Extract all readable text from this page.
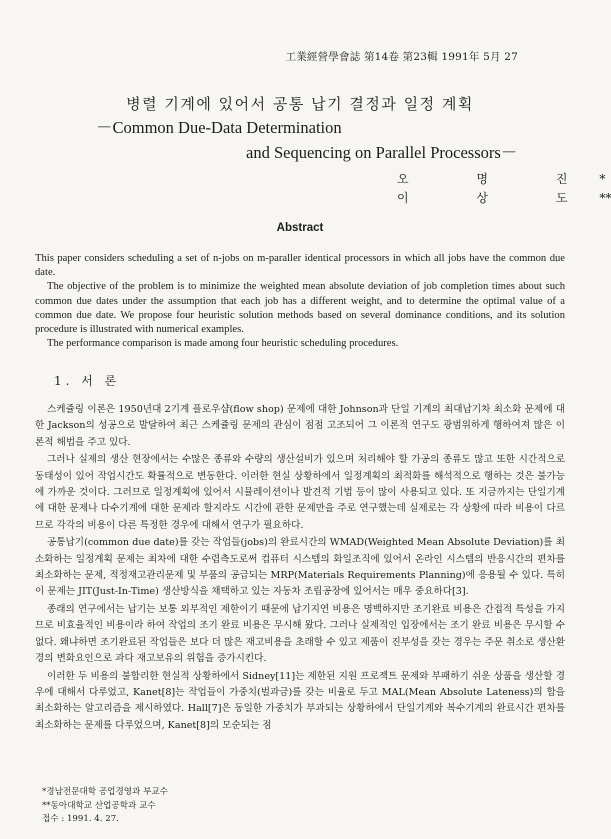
工業經營學會誌 第14卷 第23輯 1991年 5月 27
병렬 기계에 있어서 공통 납기 결정과 일정 계획
－Common Due-Data Determination
and Sequencing on Parallel Processors－
오 명 진*
이 상 도**
Abstract

This paper considers scheduling a set of n-jobs on m-paraller identical processors in which all jobs have the common due date.

The objective of the problem is to minimize the weighted mean absolute deviation of job completion times about such common due dates under the assumption that each job has a different weight, and to determine the optimal value of a common due date. We propose four heuristic solution methods based on several dominance conditions, and its solution procedure is illustrated with numerical examples.

The performance comparison is made among four heuristic scheduling procedures.

1. 서 론

스케쥴링 이론은 1950년대 2기계 플로우샵(flow shop) 문제에 대한 Johnson과 단일 기계의 최대납기차 최소화 문제에 대한 Jackson의 성공으로 발달하여 최근 스케쥴링 문제의 관심이 점점 고조되어 그 이론적 연구도 광범위하게 행하여져 많은 이론적 해법을 주고 있다.

그러나 실제의 생산 현장에서는 수많은 종류와 수량의 생산설비가 있으며 처리해야 할 가공의 종류도 많고 또한 시간적으로 동태성이 있어 작업시간도 확률적으로 변동한다. 이러한 현실 상황하에서 일정계획의 최적화를 해석적으로 행하는 것은 불가능에 가까운 것이다. 그러므로 일정계획에 있어서 시뮬레이션이나 발견적 기법 등이 많이 사용되고 있다. 또 지금까지는 단일기계에 대한 문제나 다수기계에 대한 문제라 할지라도 시간에 관한 문제만을 주로 연구했는데 실제로는 각 상황에 따라 비용이 다르므로 각각의 비용이 다른 특정한 경우에 대해서 연구가 필요하다.

공통납기(common due date)를 갖는 작업들(jobs)의 완료시간의 WMAD(Weighted Mean Absolute Deviation)를 최소화하는 일정계획 문제는 최차에 대한 수렴측도로써 컴퓨터 시스템의 화일조직에 있어서 온라인 시스템의 반응시간의 편차를 최소화하는 문제, 적정재고관리문제 및 부품의 공급되는 MRP(Materials Requirements Planning)에 응용될 수 있다. 특히 이 문제는 JIT(Just-In-Time) 생산방식을 채택하고 있는 자동차 조립공장에 있어서는 매우 중요하다[3].

종래의 연구에서는 납기는 보통 외부적인 제한이기 때문에 납기지연 비용은 명백하지만 조기완료 비용은 간접적 특성을 가지므로 비효율적인 비용이라 하여 작업의 조기 완료 비용은 무시해 왔다. 그러나 실제적인 입장에서는 조기 완료 비용은 무시할 수 없다. 왜냐하면 조기완료된 작업들은 보다 더 많은 재고비용을 초래할 수 있고 제품이 진부성을 갖는 경우는 주문 취소로 생산환경의 변화요인으로 과다 재고보유의 위험을 증가시킨다.

이러한 두 비용의 불합리한 현실적 상황하에서 Sidney[11]는 제한된 지원 프로젝트 문제와 부패하기 쉬운 상품을 생산할 경우에 대해서 다루었고, Kanet[8]는 작업들이 가중치(벌과금)를 갖는 비율로 두고 MAL(Mean Absolute Lateness)의 합을 최소화하는 알고리즘을 제시하였다. Hall[7]은 동일한 가중치가 부과되는 상황하에서 단일기계와 복수기계의 완료시간 편차를 최소화하는 문제를 다루었으며, Kanet[8]의 모순되는 점

*경남전문대학 공업경영과 부교수
**동아대학교 산업공학과 교수
접수 : 1991. 4. 27.
